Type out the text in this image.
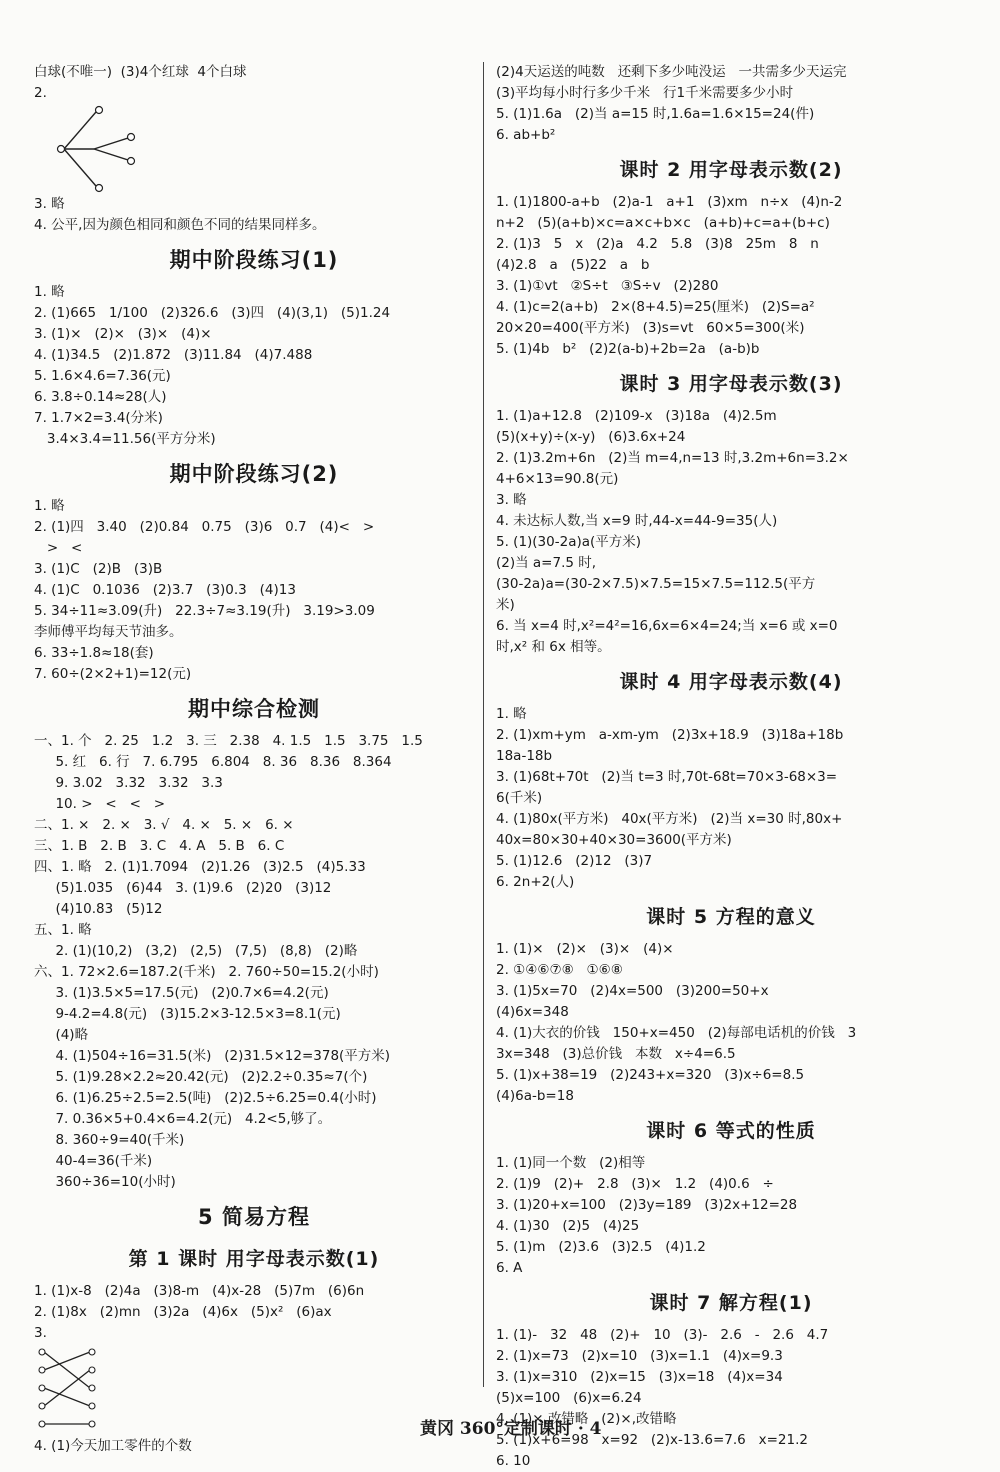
白球(不唯一)  (3)4个红球  4个白球
2.
3. 略
4. 公平,因为颜色相同和颜色不同的结果同样多。
期中阶段练习(1)
1. 略
2. (1)665   1/100   (2)326.6   (3)四   (4)(3,1)   (5)1.24
3. (1)×   (2)×   (3)×   (4)×
4. (1)34.5   (2)1.872   (3)11.84   (4)7.488
5. 1.6×4.6=7.36(元)
6. 3.8÷0.14≈28(人)
7. 1.7×2=3.4(分米)
3.4×3.4=11.56(平方分米)
期中阶段练习(2)
1. 略
2. (1)四   3.40   (2)0.84   0.75   (3)6   0.7   (4)<   >
>   <
3. (1)C   (2)B   (3)B
4. (1)C   0.1036   (2)3.7   (3)0.3   (4)13
5. 34÷11≈3.09(升)   22.3÷7≈3.19(升)   3.19>3.09
李师傅平均每天节油多。
6. 33÷1.8≈18(套)
7. 60÷(2×2+1)=12(元)
期中综合检测
一、1. 个   2. 25   1.2   3. 三   2.38   4. 1.5   1.5   3.75   1.5
5. 红   6. 行   7. 6.795   6.804   8. 36   8.3̇6̇   8.364
9. 3.02   3.32̇   3.3̇2̇   3.3̇
10. >   <   <   >
二、1. ×   2. ×   3. √   4. ×   5. ×   6. ×
三、1. B   2. B   3. C   4. A   5. B   6. C
四、1. 略   2. (1)1.7094   (2)1.26   (3)2.5   (4)5.33
(5)1.035   (6)44   3. (1)9.6   (2)20   (3)12
(4)10.83   (5)12
五、1. 略
2. (1)(10,2)   (3,2)   (2,5)   (7,5)   (8,8)   (2)略
六、1. 72×2.6=187.2(千米)   2. 760÷50=15.2(小时)
3. (1)3.5×5=17.5(元)   (2)0.7×6=4.2(元)
9-4.2=4.8(元)   (3)15.2×3-12.5×3=8.1(元)
(4)略
4. (1)504÷16=31.5(米)   (2)31.5×12=378(平方米)
5. (1)9.28×2.2≈20.42(元)   (2)2.2÷0.35≈7(个)
6. (1)6.25÷2.5=2.5(吨)   (2)2.5÷6.25=0.4(小时)
7. 0.36×5+0.4×6=4.2(元)   4.2<5,够了。
8. 360÷9=40(千米)
40-4=36(千米)
360÷36=10(小时)
5 简易方程
第 1 课时 用字母表示数(1)
1. (1)x-8   (2)4a   (3)8-m   (4)x-28   (5)7m   (6)6n
2. (1)8x   (2)mn   (3)2a   (4)6x   (5)x²   (6)ax
3.
4. (1)今天加工零件的个数
(2)4天运送的吨数   还剩下多少吨没运   一共需多少天运完
(3)平均每小时行多少千米   行1千米需要多少小时
5. (1)1.6a   (2)当 a=15 时,1.6a=1.6×15=24(件)
6. ab+b²
课时 2 用字母表示数(2)
1. (1)1800-a+b   (2)a-1   a+1   (3)xm   n÷x   (4)n-2
n+2   (5)(a+b)×c=a×c+b×c   (a+b)+c=a+(b+c)
2. (1)3   5   x   (2)a   4.2   5.8   (3)8   25m   8   n
(4)2.8   a   (5)22   a   b
3. (1)①vt   ②S÷t   ③S÷v   (2)280
4. (1)c=2(a+b)   2×(8+4.5)=25(厘米)   (2)S=a²
20×20=400(平方米)   (3)s=vt   60×5=300(米)
5. (1)4b   b²   (2)2(a-b)+2b=2a   (a-b)b
课时 3 用字母表示数(3)
1. (1)a+12.8   (2)109-x   (3)18a   (4)2.5m
(5)(x+y)÷(x-y)   (6)3.6x+24
2. (1)3.2m+6n   (2)当 m=4,n=13 时,3.2m+6n=3.2×
4+6×13=90.8(元)
3. 略
4. 未达标人数,当 x=9 时,44-x=44-9=35(人)
5. (1)(30-2a)a(平方米)
(2)当 a=7.5 时,
(30-2a)a=(30-2×7.5)×7.5=15×7.5=112.5(平方
米)
6. 当 x=4 时,x²=4²=16,6x=6×4=24;当 x=6 或 x=0
时,x² 和 6x 相等。
课时 4 用字母表示数(4)
1. 略
2. (1)xm+ym   a-xm-ym   (2)3x+18.9   (3)18a+18b
18a-18b
3. (1)68t+70t   (2)当 t=3 时,70t-68t=70×3-68×3=
6(千米)
4. (1)80x(平方米)   40x(平方米)   (2)当 x=30 时,80x+
40x=80×30+40×30=3600(平方米)
5. (1)12.6   (2)12   (3)7
6. 2n+2(人)
课时 5 方程的意义
1. (1)×   (2)×   (3)×   (4)×
2. ①④⑥⑦⑧   ①⑥⑧
3. (1)5x=70   (2)4x=500   (3)200=50+x
(4)6x=348
4. (1)大衣的价钱   150+x=450   (2)每部电话机的价钱   3
3x=348   (3)总价钱   本数   x÷4=6.5
5. (1)x+38=19   (2)243+x=320   (3)x÷6=8.5
(4)6a-b=18
课时 6 等式的性质
1. (1)同一个数   (2)相等
2. (1)9   (2)+   2.8   (3)×   1.2   (4)0.6   ÷
3. (1)20+x=100   (2)3y=189   (3)2x+12=28
4. (1)30   (2)5   (4)25
5. (1)m   (2)3.6   (3)2.5   (4)1.2
6. A
课时 7 解方程(1)
1. (1)-   32   48   (2)+   10   (3)-   2.6   -   2.6   4.7
2. (1)x=73   (2)x=10   (3)x=1.1   (4)x=9.3
3. (1)x=310   (2)x=15   (3)x=18   (4)x=34
(5)x=100   (6)x=6.24
4. (1)×,改错略   (2)×,改错略
5. (1)x+6=98   x=92   (2)x-13.6=7.6   x=21.2
6. 10
黄冈 360°定制课时 · 4
